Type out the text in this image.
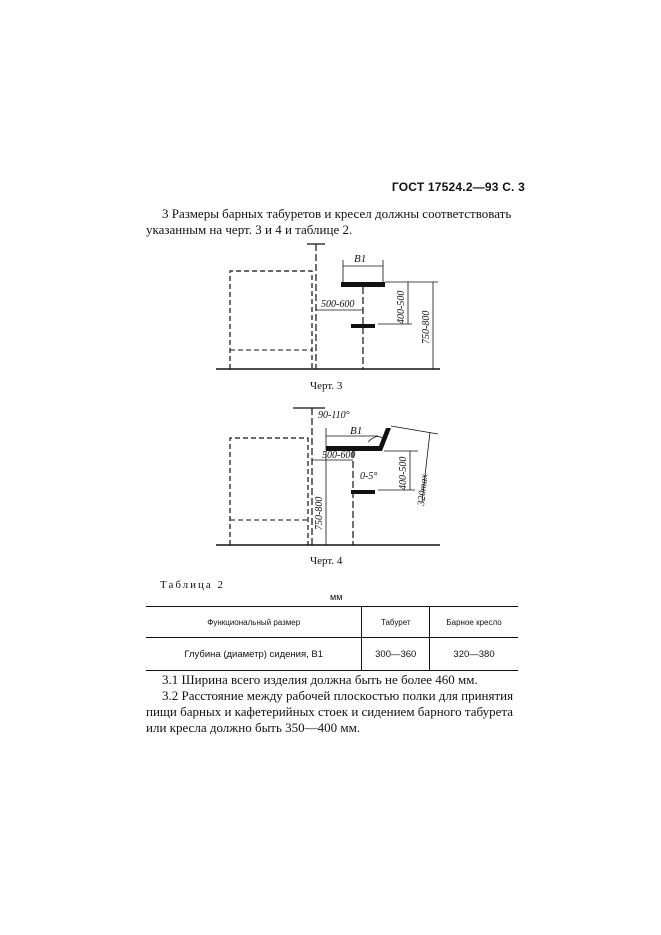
ГОСТ 17524.2—93 С. 3
3 Размеры барных табуретов и кресел должны соответствовать
указанным на черт. 3 и 4 и таблице 2.
B1
500-600	400-500
750-800
Черт. 3
90-110°
B1
500-600
0-5° 400-500 320max
750-800
Черт. 4
Таблица 2
мм
Функциональный размер	Табурет	Барное кресло
Глубина (диаметр) сидения, B1	300—360	320—380
3.1 Ширина всего изделия должна быть не более 460 мм.
3.2 Расстояние между рабочей плоскостью полки для принятия
пищи барных и кафетерийных стоек и сидением барного табурета
или кресла должно быть 350—400 мм.
